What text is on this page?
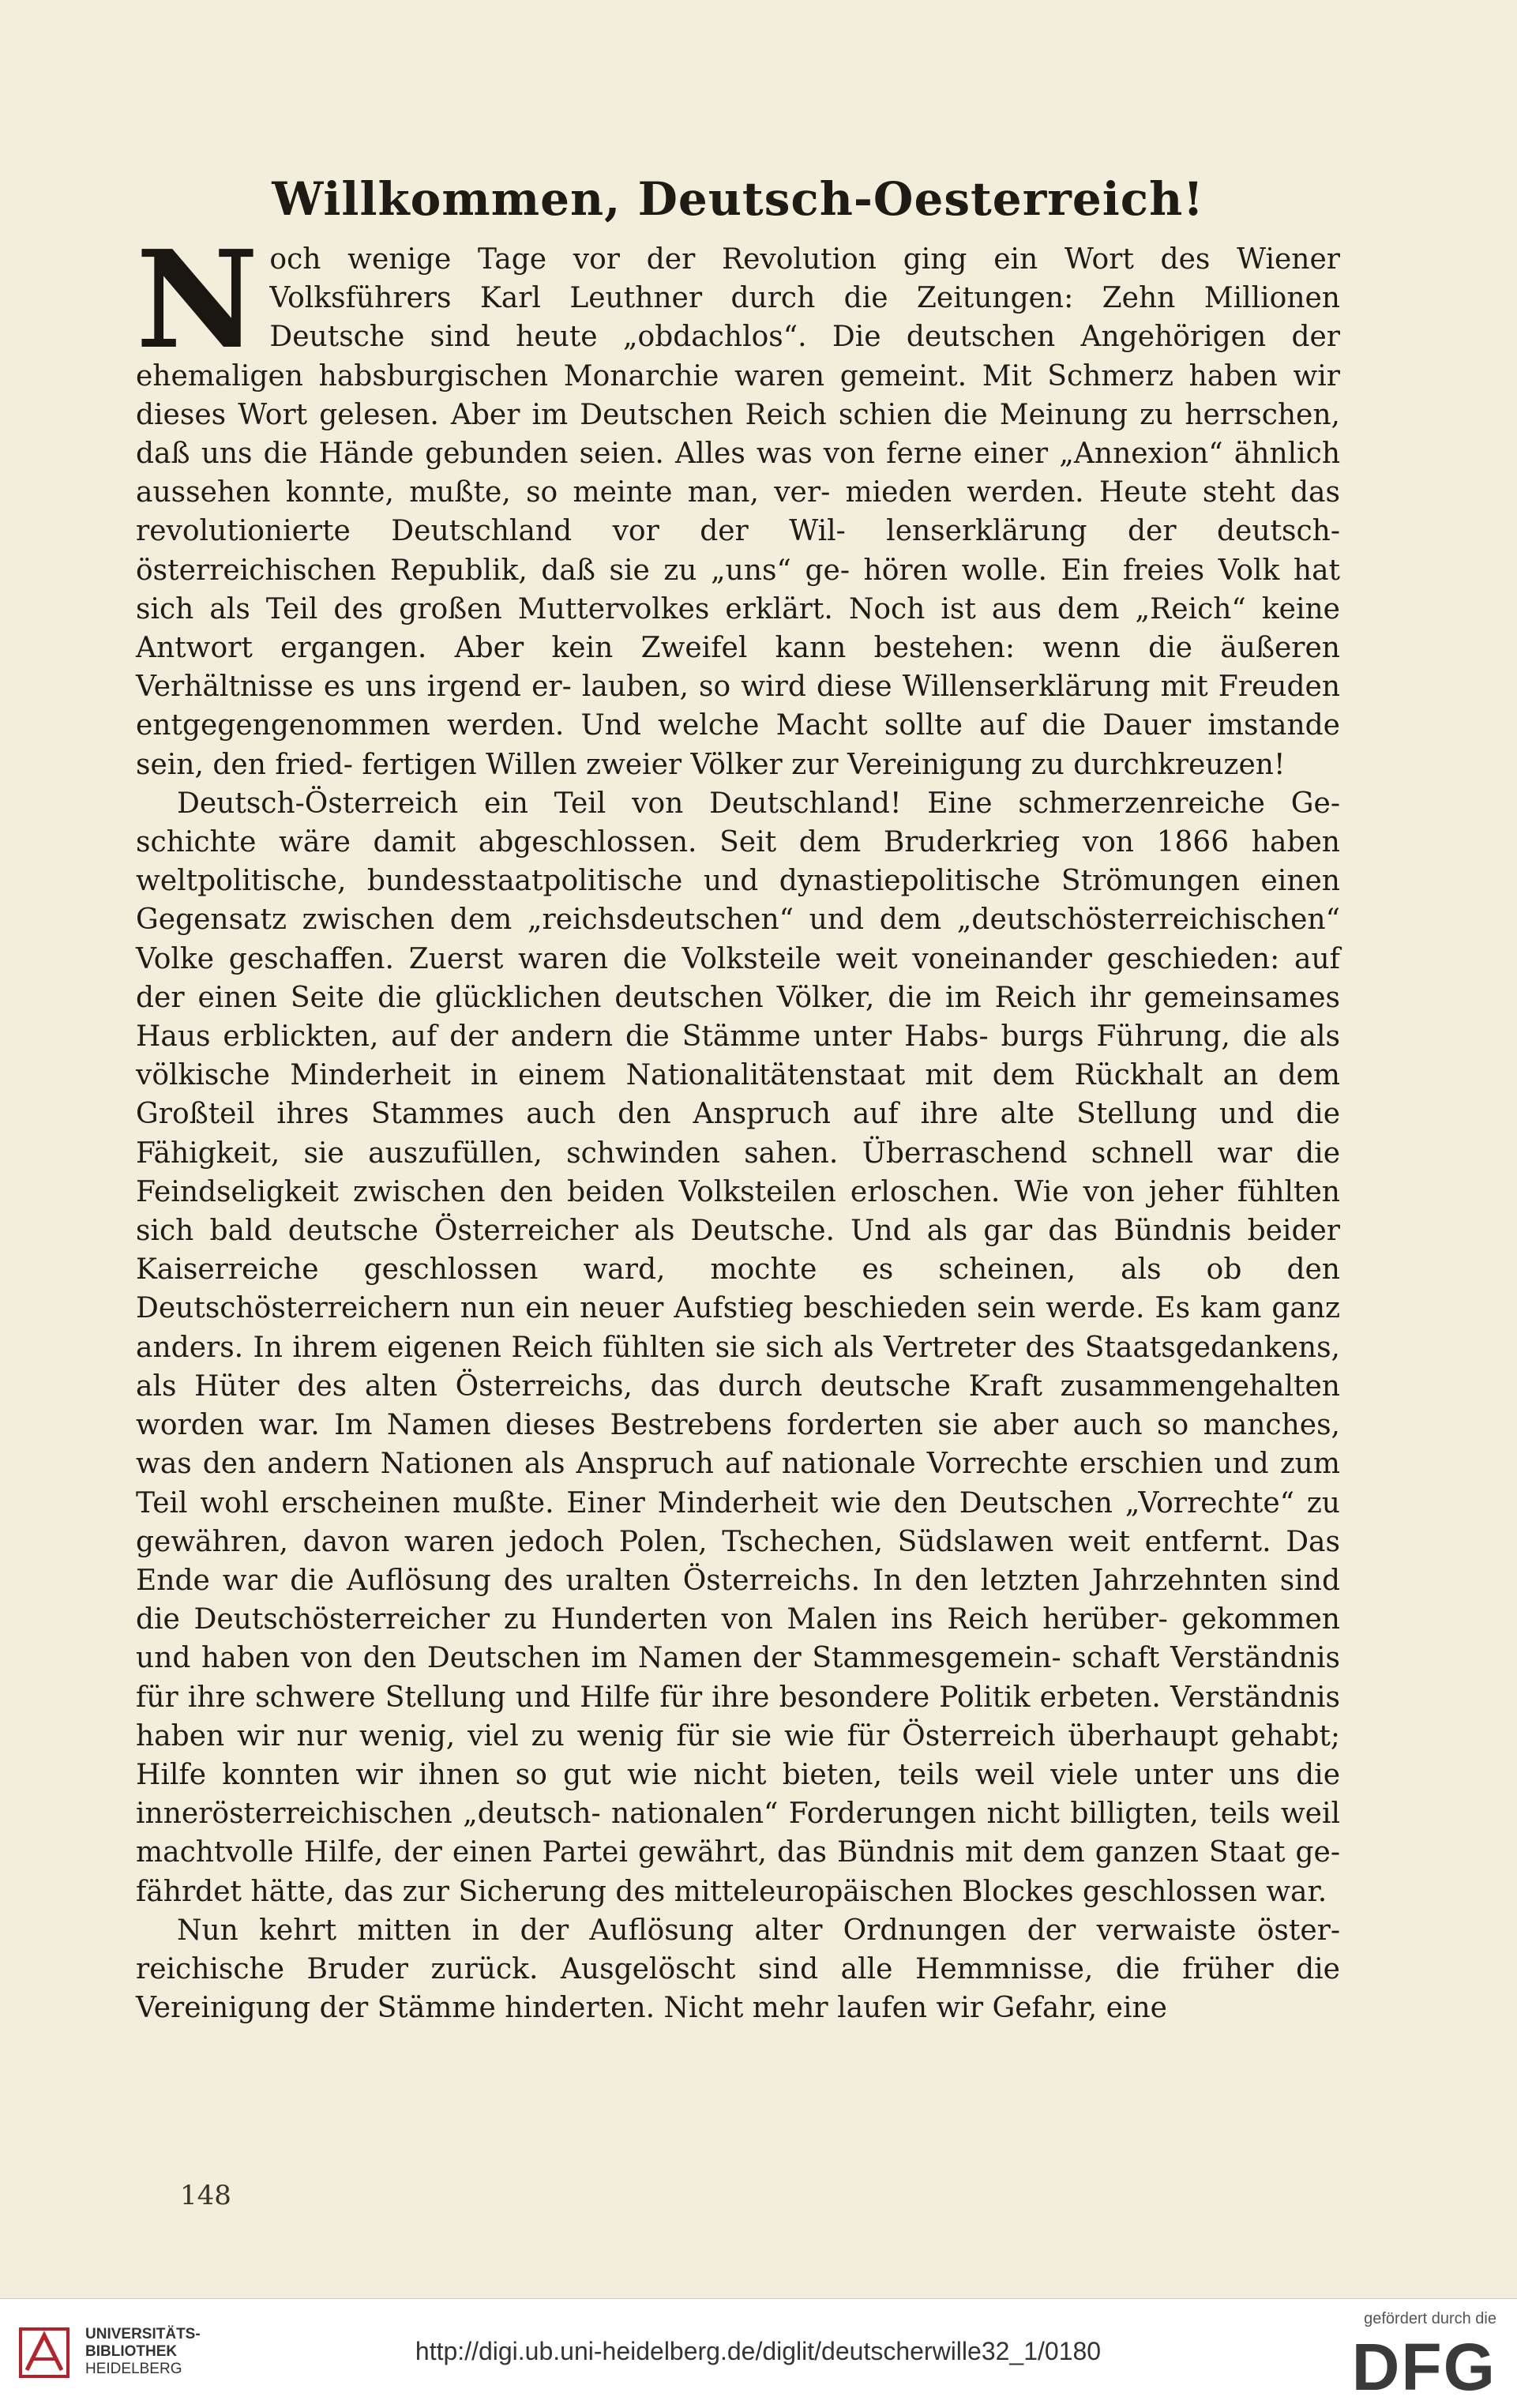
Willkommen, Deutsch-Oesterreich!

Noch wenige Tage vor der Revolution ging ein Wort des Wiener Volksführers Karl Leuthner durch die Zeitungen: Zehn Millionen Deutsche sind heute „obdachlos“. Die deutschen Angehörigen der ehemaligen habsburgischen Monarchie waren gemeint. Mit Schmerz haben wir dieses Wort gelesen. Aber im Deutschen Reich schien die Meinung zu herrschen, daß uns die Hände gebunden seien. Alles was von ferne einer „Annexion“ ähnlich aussehen konnte, mußte, so meinte man, ver- mieden werden. Heute steht das revolutionierte Deutschland vor der Wil- lenserklärung der deutsch-österreichischen Republik, daß sie zu „uns“ ge- hören wolle. Ein freies Volk hat sich als Teil des großen Muttervolkes erklärt. Noch ist aus dem „Reich“ keine Antwort ergangen. Aber kein Zweifel kann bestehen: wenn die äußeren Verhältnisse es uns irgend er- lauben, so wird diese Willenserklärung mit Freuden entgegengenommen werden. Und welche Macht sollte auf die Dauer imstande sein, den fried- fertigen Willen zweier Völker zur Vereinigung zu durchkreuzen!

Deutsch-Österreich ein Teil von Deutschland! Eine schmerzenreiche Ge- schichte wäre damit abgeschlossen. Seit dem Bruderkrieg von 1866 haben weltpolitische, bundesstaatpolitische und dynastiepolitische Strömungen einen Gegensatz zwischen dem „reichsdeutschen“ und dem „deutschösterreichischen“ Volke geschaffen. Zuerst waren die Volksteile weit voneinander geschieden: auf der einen Seite die glücklichen deutschen Völker, die im Reich ihr gemeinsames Haus erblickten, auf der andern die Stämme unter Habs- burgs Führung, die als völkische Minderheit in einem Nationalitätenstaat mit dem Rückhalt an dem Großteil ihres Stammes auch den Anspruch auf ihre alte Stellung und die Fähigkeit, sie auszufüllen, schwinden sahen. Überraschend schnell war die Feindseligkeit zwischen den beiden Volksteilen erloschen. Wie von jeher fühlten sich bald deutsche Österreicher als Deutsche. Und als gar das Bündnis beider Kaiserreiche geschlossen ward, mochte es scheinen, als ob den Deutschösterreichern nun ein neuer Aufstieg beschieden sein werde. Es kam ganz anders. In ihrem eigenen Reich fühlten sie sich als Vertreter des Staatsgedankens, als Hüter des alten Österreichs, das durch deutsche Kraft zusammengehalten worden war. Im Namen dieses Bestrebens forderten sie aber auch so manches, was den andern Nationen als Anspruch auf nationale Vorrechte erschien und zum Teil wohl erscheinen mußte. Einer Minderheit wie den Deutschen „Vorrechte“ zu gewähren, davon waren jedoch Polen, Tschechen, Südslawen weit entfernt. Das Ende war die Auflösung des uralten Österreichs. In den letzten Jahrzehnten sind die Deutschösterreicher zu Hunderten von Malen ins Reich herüber- gekommen und haben von den Deutschen im Namen der Stammesgemein- schaft Verständnis für ihre schwere Stellung und Hilfe für ihre besondere Politik erbeten. Verständnis haben wir nur wenig, viel zu wenig für sie wie für Österreich überhaupt gehabt; Hilfe konnten wir ihnen so gut wie nicht bieten, teils weil viele unter uns die innerösterreichischen „deutsch- nationalen“ Forderungen nicht billigten, teils weil machtvolle Hilfe, der einen Partei gewährt, das Bündnis mit dem ganzen Staat ge- fährdet hätte, das zur Sicherung des mitteleuropäischen Blockes geschlossen war.

Nun kehrt mitten in der Auflösung alter Ordnungen der verwaiste öster- reichische Bruder zurück. Ausgelöscht sind alle Hemmnisse, die früher die Vereinigung der Stämme hinderten. Nicht mehr laufen wir Gefahr, eine

148
UNIVERSITÄTS-
BIBLIOTHEK
HEIDELBERG
http://digi.ub.uni-heidelberg.de/diglit/deutscherwille32_1/0180
gefördert durch die
DFG
